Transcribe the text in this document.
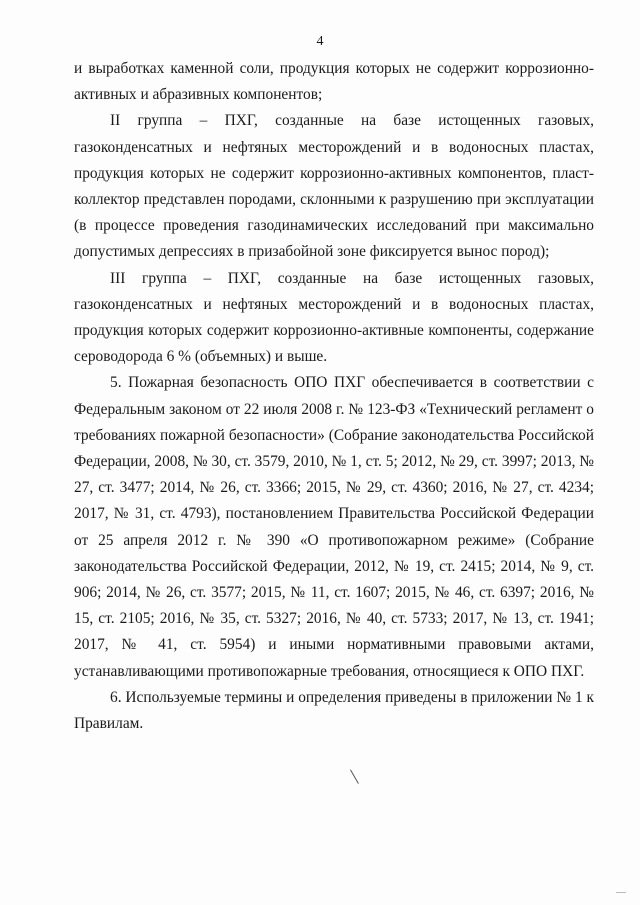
4

и выработках каменной соли, продукция которых не содержит коррозионно-активных и абразивных компонентов;

II группа – ПХГ, созданные на базе истощенных газовых, газоконденсатных и нефтяных месторождений и в водоносных пластах, продукция которых не содержит коррозионно-активных компонентов, пласт-коллектор представлен породами, склонными к разрушению при эксплуатации (в процессе проведения газодинамических исследований при максимально допустимых депрессиях в призабойной зоне фиксируется вынос пород);

III группа – ПХГ, созданные на базе истощенных газовых, газоконденсатных и нефтяных месторождений и в водоносных пластах, продукция которых содержит коррозионно-активные компоненты, содержание сероводорода 6 % (объемных) и выше.

5. Пожарная безопасность ОПО ПХГ обеспечивается в соответствии с Федеральным законом от 22 июля 2008 г. № 123-ФЗ «Технический регламент о требованиях пожарной безопасности» (Собрание законодательства Российской Федерации, 2008, № 30, ст. 3579, 2010, № 1, ст. 5; 2012, № 29, ст. 3997; 2013, № 27, ст. 3477; 2014, № 26, ст. 3366; 2015, № 29, ст. 4360; 2016, № 27, ст. 4234; 2017, № 31, ст. 4793), постановлением Правительства Российской Федерации от 25 апреля 2012 г. № 390 «О противопожарном режиме» (Собрание законодательства Российской Федерации, 2012, № 19, ст. 2415; 2014, № 9, ст. 906; 2014, № 26, ст. 3577; 2015, № 11, ст. 1607; 2015, № 46, ст. 6397; 2016, № 15, ст. 2105; 2016, № 35, ст. 5327; 2016, № 40, ст. 5733; 2017, № 13, ст. 1941; 2017, № 41, ст. 5954) и иными нормативными правовыми актами, устанавливающими противопожарные требования, относящиеся к ОПО ПХГ.

6. Используемые термины и определения приведены в приложении № 1 к Правилам.
